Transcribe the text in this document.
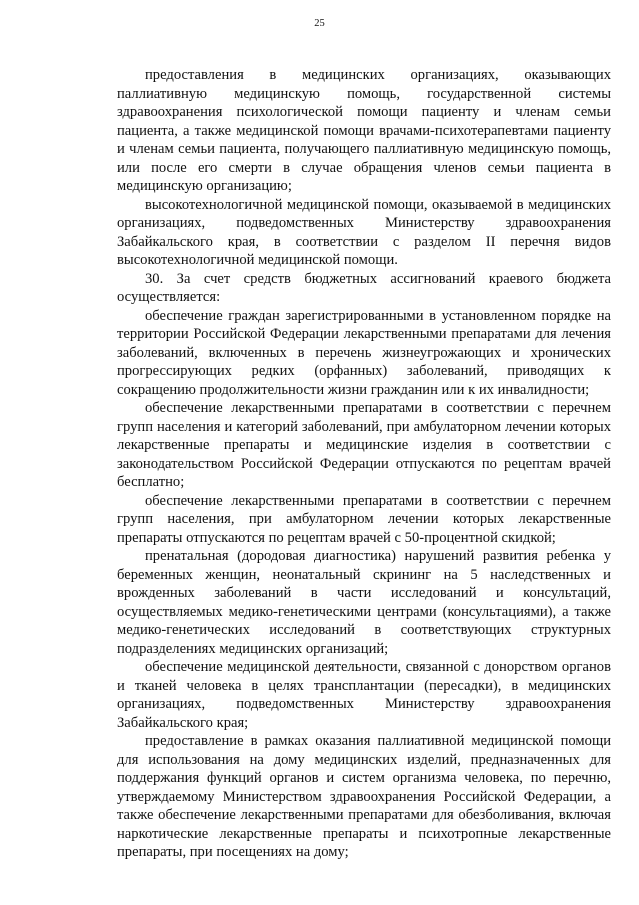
25

предоставления в медицинских организациях, оказывающих паллиативную медицинскую помощь, государственной системы здравоохранения психологической помощи пациенту и членам семьи пациента, а также медицинской помощи врачами-психотерапевтами пациенту и членам семьи пациента, получающего паллиативную медицинскую помощь, или после его смерти в случае обращения членов семьи пациента в медицинскую организацию;

высокотехнологичной медицинской помощи, оказываемой в медицинских организациях, подведомственных Министерству здравоохранения Забайкальского края, в соответствии с разделом II перечня видов высокотехнологичной медицинской помощи.

30. За счет средств бюджетных ассигнований краевого бюджета осуществляется:

обеспечение граждан зарегистрированными в установленном порядке на территории Российской Федерации лекарственными препаратами для лечения заболеваний, включенных в перечень жизнеугрожающих и хронических прогрессирующих редких (орфанных) заболеваний, приводящих к сокращению продолжительности жизни гражданин или к их инвалидности;

обеспечение лекарственными препаратами в соответствии с перечнем групп населения и категорий заболеваний, при амбулаторном лечении которых лекарственные препараты и медицинские изделия в соответствии с законодательством Российской Федерации отпускаются по рецептам врачей бесплатно;

обеспечение лекарственными препаратами в соответствии с перечнем групп населения, при амбулаторном лечении которых лекарственные препараты отпускаются по рецептам врачей с 50-процентной скидкой;

пренатальная (дородовая диагностика) нарушений развития ребенка у беременных женщин, неонатальный скрининг на 5 наследственных и врожденных заболеваний в части исследований и консультаций, осуществляемых медико-генетическими центрами (консультациями), а также медико-генетических исследований в соответствующих структурных подразделениях медицинских организаций;

обеспечение медицинской деятельности, связанной с донорством органов и тканей человека в целях трансплантации (пересадки), в медицинских организациях, подведомственных Министерству здравоохранения Забайкальского края;

предоставление в рамках оказания паллиативной медицинской помощи для использования на дому медицинских изделий, предназначенных для поддержания функций органов и систем организма человека, по перечню, утверждаемому Министерством здравоохранения Российской Федерации, а также обеспечение лекарственными препаратами для обезболивания, включая наркотические лекарственные препараты и психотропные лекарственные препараты, при посещениях на дому;
